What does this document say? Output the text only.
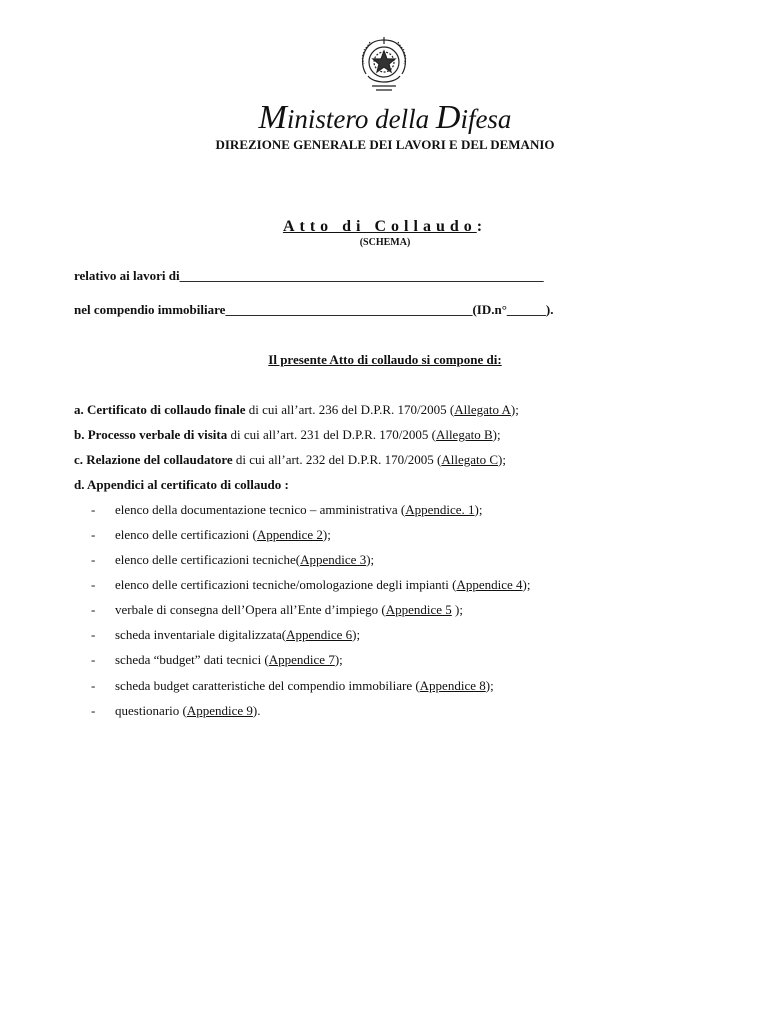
Ministero della Difesa
DIREZIONE GENERALE DEI LAVORI E DEL DEMANIO
Atto di Collaudo:
(SCHEMA)
relativo ai lavori di________________________________________________________
nel compendio immobiliare______________________________________(ID.n°______).
Il presente Atto di collaudo si compone di:
a. Certificato di collaudo finale di cui all’art. 236 del D.P.R. 170/2005 (Allegato A);
b. Processo verbale di visita di cui all’art. 231 del D.P.R. 170/2005 (Allegato B);
c. Relazione del collaudatore di cui all’art. 232 del D.P.R. 170/2005 (Allegato C);
d. Appendici al certificato di collaudo :
- elenco della documentazione tecnico – amministrativa (Appendice. 1);
- elenco delle certificazioni (Appendice 2);
- elenco delle certificazioni tecniche(Appendice 3);
- elenco delle certificazioni tecniche/omologazione degli impianti (Appendice 4);
- verbale di consegna dell’Opera all’Ente d’impiego (Appendice 5 );
- scheda inventariale digitalizzata(Appendice 6);
- scheda “budget” dati tecnici (Appendice 7);
- scheda budget caratteristiche del compendio immobiliare (Appendice 8);
- questionario (Appendice 9).
